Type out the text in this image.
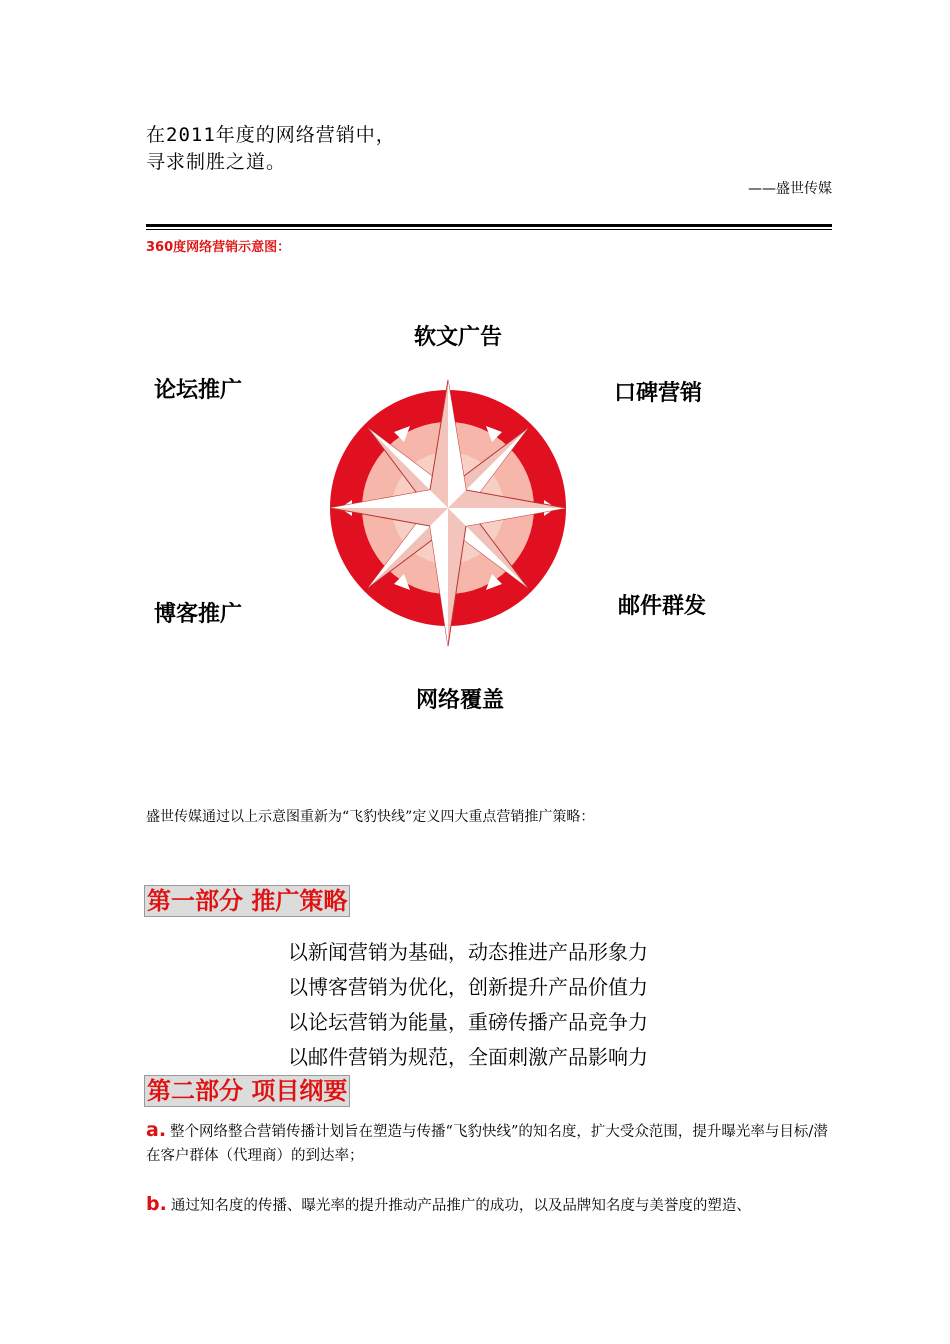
在2011年度的网络营销中，
寻求制胜之道。
——盛世传媒
360度网络营销示意图：
软文广告
论坛推广	口碑营销
博客推广	邮件群发
网络覆盖
盛世传媒通过以上示意图重新为“飞豹快线”定义四大重点营销推广策略：
第一部分 推广策略
以新闻营销为基础，动态推进产品形象力
以博客营销为优化，创新提升产品价值力
以论坛营销为能量，重磅传播产品竞争力
以邮件营销为规范，全面刺激产品影响力
第二部分 项目纲要
a. 整个网络整合营销传播计划旨在塑造与传播“飞豹快线”的知名度，扩大受众范围，提升曝光率与目标/潜在客户群体（代理商）的到达率；
b. 通过知名度的传播、曝光率的提升推动产品推广的成功，以及品牌知名度与美誉度的塑造、
